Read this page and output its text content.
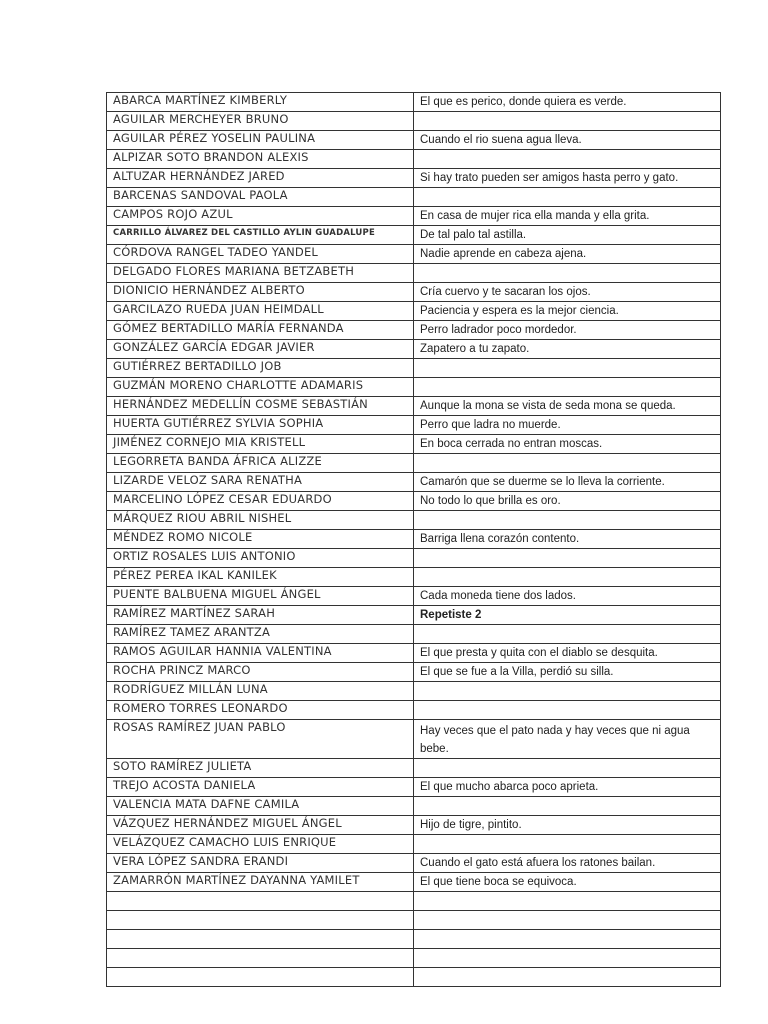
ABARCA MARTÍNEZ KIMBERLY	El que es perico, donde quiera es verde.
AGUILAR MERCHEYER BRUNO	
AGUILAR PÉREZ YOSELIN PAULINA	Cuando el rio suena agua lleva.
ALPIZAR SOTO BRANDON ALEXIS	
ALTUZAR HERNÁNDEZ JARED	Si hay trato pueden ser amigos hasta perro y gato.
BARCENAS SANDOVAL PAOLA	
CAMPOS ROJO AZUL	En casa de mujer rica ella manda y ella grita.
CARRILLO ÁLVAREZ DEL CASTILLO AYLIN GUADALUPE	De tal palo tal astilla.
CÓRDOVA RANGEL TADEO YANDEL	Nadie aprende en cabeza ajena.
DELGADO FLORES MARIANA BETZABETH	
DIONICIO HERNÁNDEZ ALBERTO	Cría cuervo y te sacaran los ojos.
GARCILAZO RUEDA JUAN HEIMDALL	Paciencia y espera es la mejor ciencia.
GÓMEZ BERTADILLO MARÍA FERNANDA	Perro ladrador poco mordedor.
GONZÁLEZ GARCÍA EDGAR JAVIER	Zapatero a tu zapato.
GUTIÉRREZ BERTADILLO JOB	
GUZMÁN MORENO CHARLOTTE ADAMARIS	
HERNÁNDEZ MEDELLÍN COSME SEBASTIÁN	Aunque la mona se vista de seda mona se queda.
HUERTA GUTIÉRREZ SYLVIA SOPHIA	Perro que ladra no muerde.
JIMÉNEZ CORNEJO MIA KRISTELL	En boca cerrada no entran moscas.
LEGORRETA BANDA ÁFRICA ALIZZE	
LIZARDE VELOZ SARA RENATHA	Camarón que se duerme se lo lleva la corriente.
MARCELINO LÓPEZ CESAR EDUARDO	No todo lo que brilla es oro.
MÁRQUEZ RIOU ABRIL NISHEL	
MÉNDEZ ROMO NICOLE	Barriga llena corazón contento.
ORTIZ ROSALES LUIS ANTONIO	
PÉREZ PEREA IKAL KANILEK	
PUENTE BALBUENA MIGUEL ÁNGEL	Cada moneda tiene dos lados.
RAMÍREZ MARTÍNEZ SARAH	Repetiste 2
RAMÍREZ TAMEZ ARANTZA	
RAMOS AGUILAR HANNIA VALENTINA	El que presta y quita con el diablo se desquita.
ROCHA PRINCZ MARCO	El que se fue a la Villa, perdió su silla.
RODRÍGUEZ MILLÁN LUNA	
ROMERO TORRES LEONARDO	
ROSAS RAMÍREZ JUAN PABLO	Hay veces que el pato nada y hay veces que ni agua bebe.
SOTO RAMÍREZ JULIETA	
TREJO ACOSTA DANIELA	El que mucho abarca poco aprieta.
VALENCIA MATA DAFNE CAMILA	
VÁZQUEZ HERNÁNDEZ MIGUEL ÁNGEL	Hijo de tigre, pintito.
VELÁZQUEZ CAMACHO LUIS ENRIQUE	
VERA LÓPEZ SANDRA ERANDI	Cuando el gato está afuera los ratones bailan.
ZAMARRÓN MARTÍNEZ DAYANNA YAMILET	El que tiene boca se equivoca.
